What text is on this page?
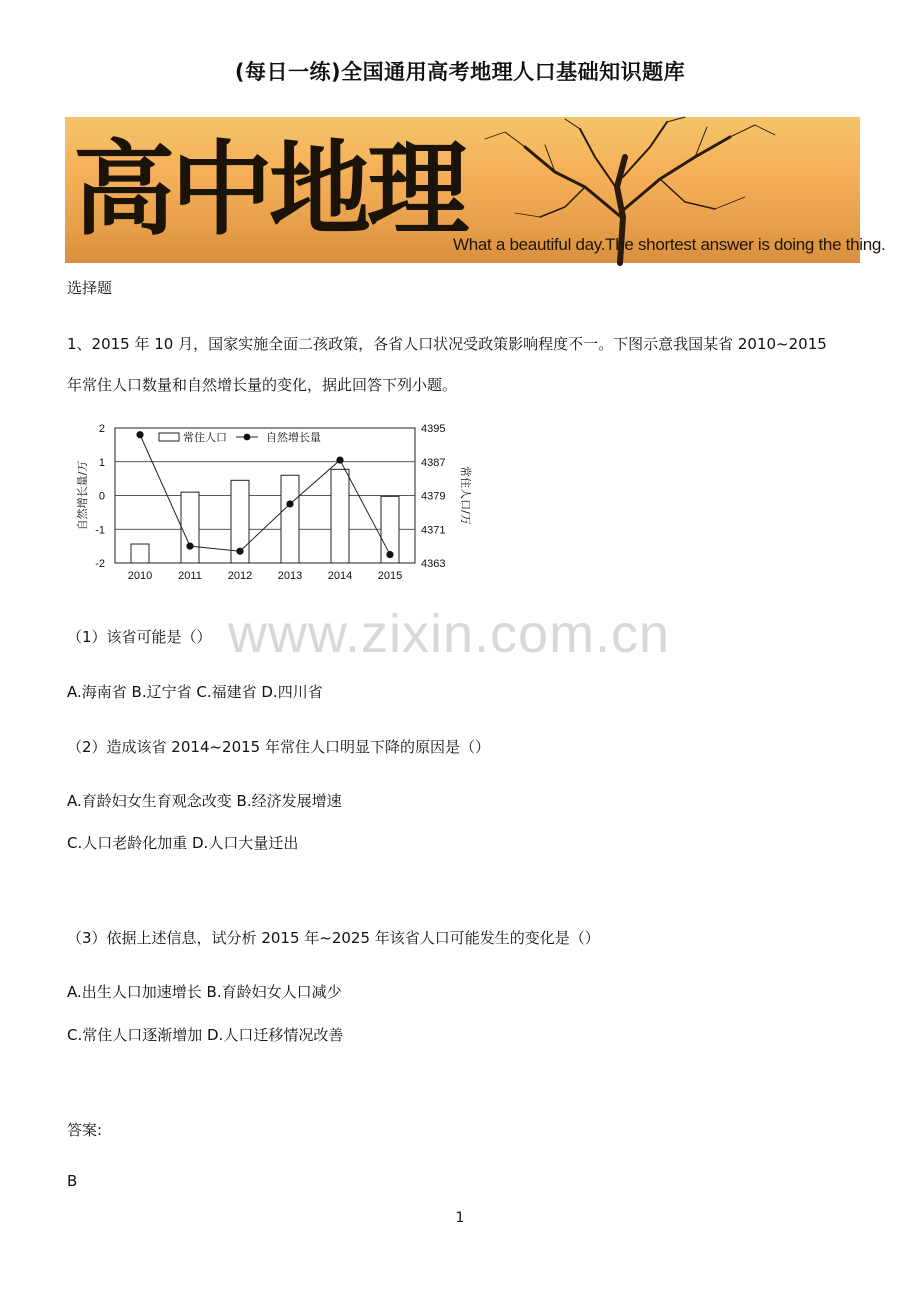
(每日一练)全国通用高考地理人口基础知识题库
高中地理
What a beautiful day.The shortest answer is doing the thing.
选择题
1、2015 年 10 月，国家实施全面二孩政策，各省人口状况受政策影响程度不一。下图示意我国某省 2010~2015
年常住人口数量和自然增长量的变化，据此回答下列小题。
2
1
0
-1
-2
4395
4387
4379
4371
4363
2010 2011 2012 2013 2014 2015
自然增长量/万	常住人口/万
常住人口	自然增长量
www.zixin.com.cn
（1）该省可能是（）
A.海南省 B.辽宁省 C.福建省 D.四川省
（2）造成该省 2014~2015 年常住人口明显下降的原因是（）
A.育龄妇女生育观念改变 B.经济发展增速
C.人口老龄化加重 D.人口大量迁出
（3）依据上述信息，试分析 2015 年~2025 年该省人口可能发生的变化是（）
A.出生人口加速增长 B.育龄妇女人口减少
C.常住人口逐渐增加 D.人口迁移情况改善
答案:
B
1
